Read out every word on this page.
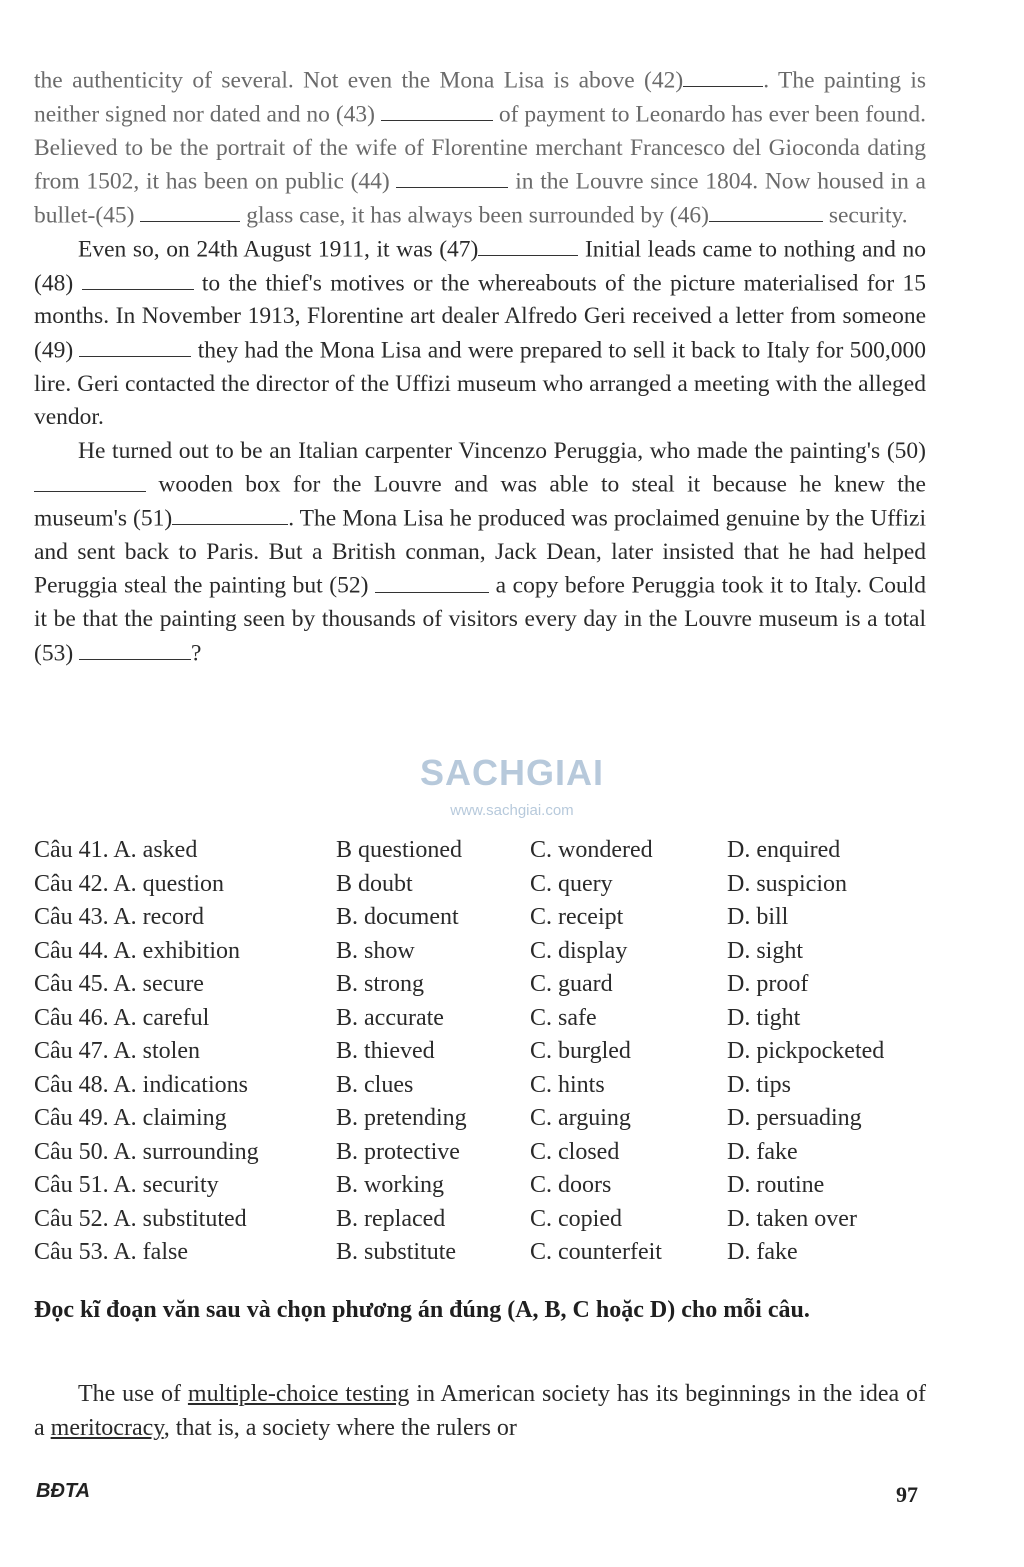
the authenticity of several. Not even the Mona Lisa is above (42)	. The painting is neither signed nor dated and no (43)	of payment to Leonardo has ever been found. Believed to be the portrait of the wife of Florentine merchant Francesco del Gioconda dating from 1502, it has been on public (44)	in the Louvre since 1804. Now housed in a bullet-(45)	glass case, it has always been surrounded by (46)	security.

Even so, on 24th August 1911, it was (47)	Initial leads came to nothing and no (48)	to the thief's motives or the whereabouts of the picture materialised for 15 months. In November 1913, Florentine art dealer Alfredo Geri received a letter from someone (49)	they had the Mona Lisa and were prepared to sell it back to Italy for 500,000 lire. Geri contacted the director of the Uffizi museum who arranged a meeting with the alleged vendor.

He turned out to be an Italian carpenter Vincenzo Peruggia, who made the painting's (50)  wooden box for the Louvre and was able to steal it because he knew the museum's (51)	. The Mona Lisa he produced was proclaimed genuine by the Uffizi and sent back to Paris. But a British conman, Jack Dean, later insisted that he had helped Peruggia steal the painting but (52)	a copy before Peruggia took it to Italy. Could it be that the painting seen by thousands of visitors every day in the Louvre museum is a total (53)	?

SACHGIAI
www.sachgiai.com
Câu 41. A. asked	B questioned	C. wondered	D. enquired
Câu 42. A. question	B doubt	C. query	D. suspicion
Câu 43. A. record	B. document	C. receipt	D. bill
Câu 44. A. exhibition	B. show	C. display	D. sight
Câu 45. A. secure	B. strong	C. guard	D. proof
Câu 46. A. careful	B. accurate	C. safe	D. tight
Câu 47. A. stolen	B. thieved	C. burgled	D. pickpocketed
Câu 48. A. indications	B. clues	C. hints	D. tips
Câu 49. A. claiming	B. pretending	C. arguing	D. persuading
Câu 50. A. surrounding	B. protective	C. closed	D. fake
Câu 51. A. security	B. working	C. doors	D. routine
Câu 52. A. substituted	B. replaced	C. copied	D. taken over
Câu 53. A. false	B. substitute	C. counterfeit	D. fake
Đọc kĩ đoạn văn sau và chọn phương án đúng (A, B, C hoặc D) cho mỗi câu.

The use of multiple-choice testing in American society has its beginnings in the idea of a meritocracy, that is, a society where the rulers or

BĐTA	97
